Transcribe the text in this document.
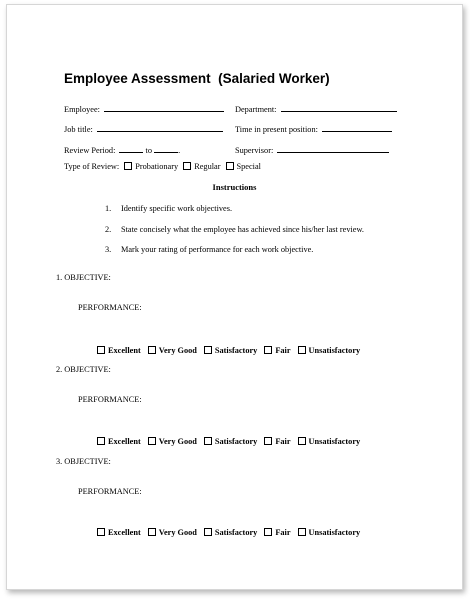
Employee Assessment  (Salaried Worker)
Employee:	Department:
Job title:	Time in present position:
Review Period:	to	.	Supervisor:
Type of Review: Probationary Regular Special
Instructions
1. Identify specific work objectives.
2. State concisely what the employee has achieved since his/her last review.
3. Mark your rating of performance for each work objective.
1. OBJECTIVE:
PERFORMANCE:
Excellent Very Good Satisfactory Fair Unsatisfactory
2. OBJECTIVE:
PERFORMANCE:
Excellent Very Good Satisfactory Fair Unsatisfactory
3. OBJECTIVE:
PERFORMANCE:
Excellent Very Good Satisfactory Fair Unsatisfactory
